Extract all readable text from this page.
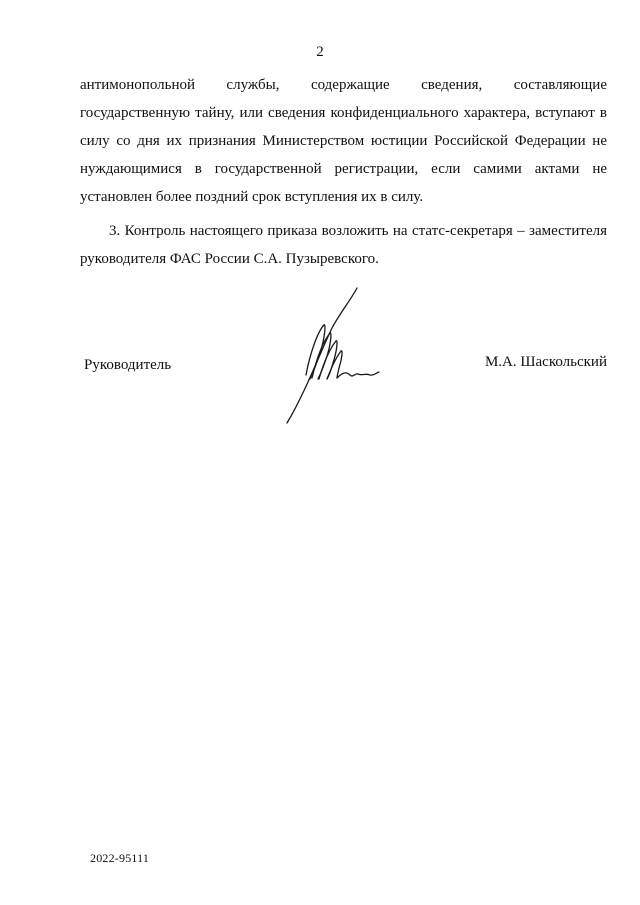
2

антимонопольной службы, содержащие сведения, составляющие государственную тайну, или сведения конфиденциального характера, вступают в силу со дня их признания Министерством юстиции Российской Федерации не нуждающимися в государственной регистрации, если самими актами не установлен более поздний срок вступления их в силу.

3. Контроль настоящего приказа возложить на статс-секретаря – заместителя руководителя ФАС России С.А. Пузыревского.

Руководитель	М.А. Шаскольский
2022-95111
